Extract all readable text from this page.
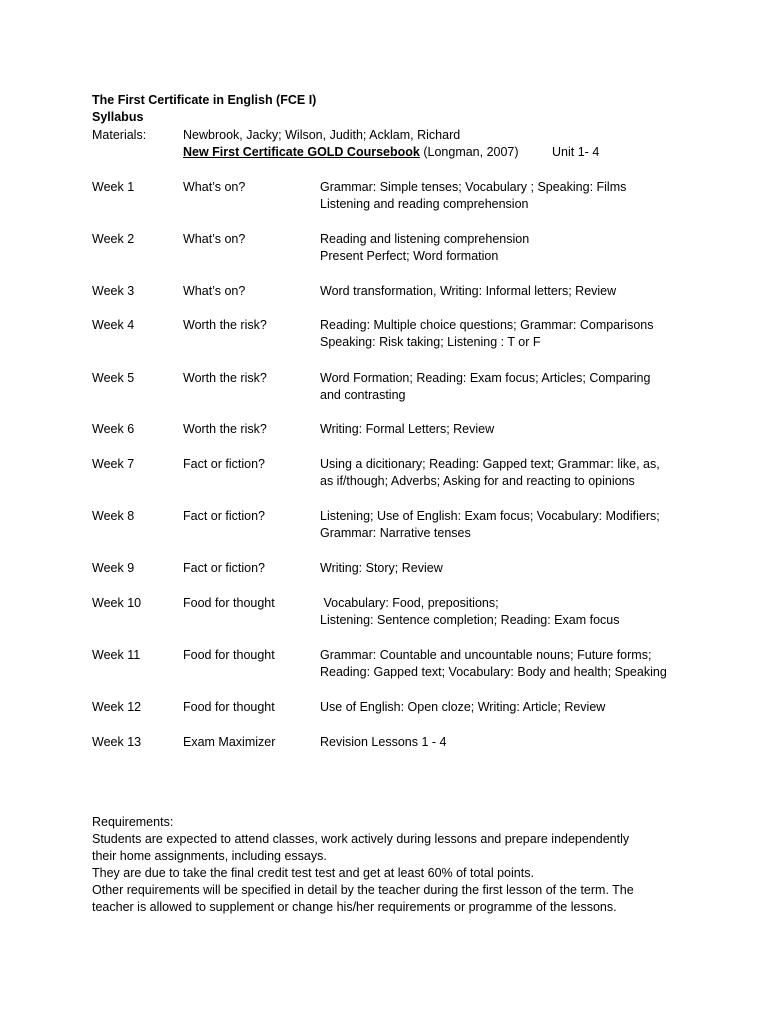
The First Certificate in English (FCE I)
Syllabus
Materials:	Newbrook, Jacky; Wilson, Judith; Acklam, Richard
New First Certificate GOLD Coursebook (Longman, 2007)	Unit 1- 4
Week 1	What’s on?	Grammar: Simple tenses; Vocabulary ; Speaking: Films
Listening and reading comprehension
Week 2	What’s on?	Reading and listening comprehension
Present Perfect; Word formation
Week 3	What’s on?	Word transformation, Writing: Informal letters; Review
Week 4	Worth the risk?	Reading: Multiple choice questions; Grammar: Comparisons
Speaking: Risk taking; Listening : T or F
Week 5	Worth the risk?	Word Formation; Reading: Exam focus; Articles; Comparing
and contrasting
Week 6	Worth the risk?	Writing: Formal Letters; Review
Week 7	Fact or fiction?	Using a dicitionary; Reading: Gapped text; Grammar: like, as,
as if/though; Adverbs; Asking for and reacting to opinions
Week 8	Fact or fiction?	Listening; Use of English: Exam focus; Vocabulary: Modifiers;
Grammar: Narrative tenses
Week 9	Fact or fiction?	Writing: Story; Review
Week 10	Food for thought	Vocabulary: Food, prepositions;
Listening: Sentence completion; Reading: Exam focus
Week 11	Food for thought	Grammar: Countable and uncountable nouns; Future forms;
Reading: Gapped text; Vocabulary: Body and health; Speaking
Week 12	Food for thought	Use of English: Open cloze; Writing: Article; Review
Week 13	Exam Maximizer	Revision Lessons 1 - 4
Requirements:
Students are expected to attend classes, work actively during lessons and prepare independently
their home assignments, including essays.
They are due to take the final credit test test and get at least 60% of total points.
Other requirements will be specified in detail by the teacher during the first lesson of the term. The
teacher is allowed to supplement or change his/her requirements or programme of the lessons.
